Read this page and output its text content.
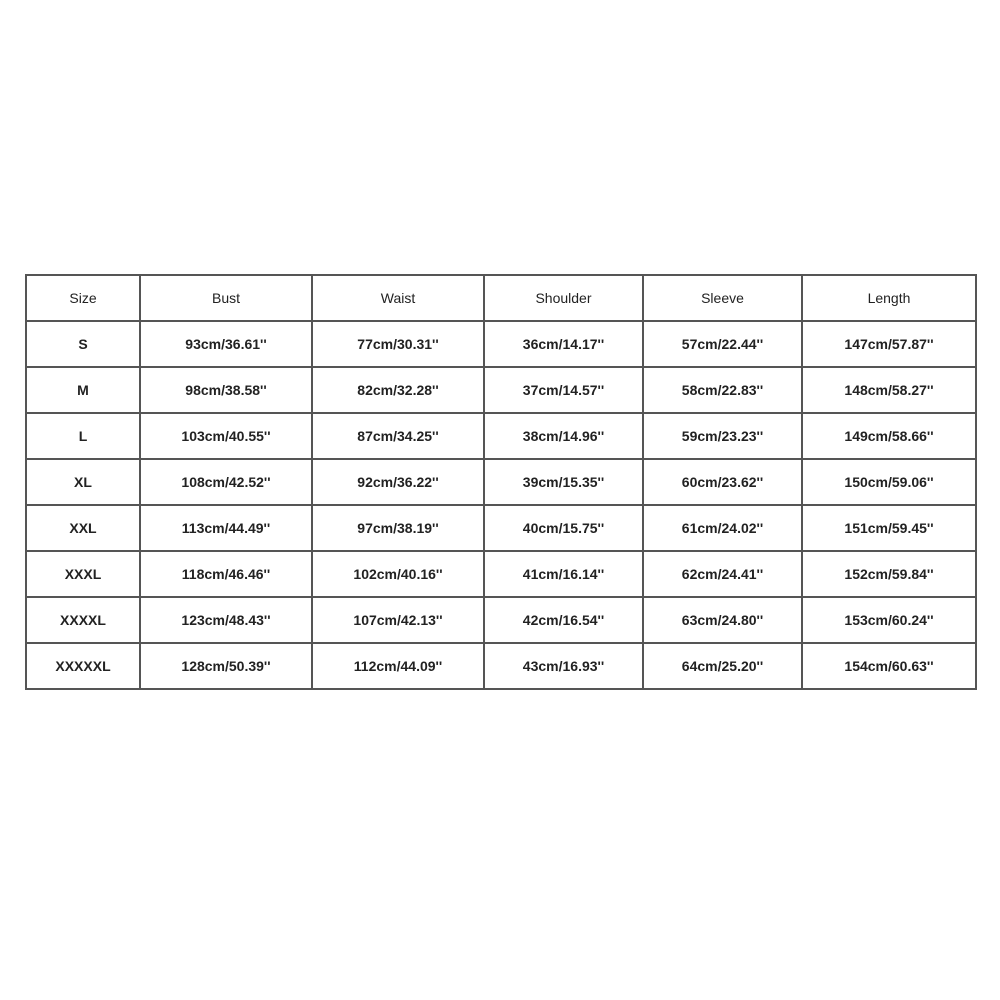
Size	Bust	Waist	Shoulder	Sleeve	Length
S	93cm/36.61''	77cm/30.31''	36cm/14.17''	57cm/22.44''	147cm/57.87''
M	98cm/38.58''	82cm/32.28''	37cm/14.57''	58cm/22.83''	148cm/58.27''
L	103cm/40.55''	87cm/34.25''	38cm/14.96''	59cm/23.23''	149cm/58.66''
XL	108cm/42.52''	92cm/36.22''	39cm/15.35''	60cm/23.62''	150cm/59.06''
XXL	113cm/44.49''	97cm/38.19''	40cm/15.75''	61cm/24.02''	151cm/59.45''
XXXL	118cm/46.46''	102cm/40.16''	41cm/16.14''	62cm/24.41''	152cm/59.84''
XXXXL	123cm/48.43''	107cm/42.13''	42cm/16.54''	63cm/24.80''	153cm/60.24''
XXXXXL	128cm/50.39''	112cm/44.09''	43cm/16.93''	64cm/25.20''	154cm/60.63''
